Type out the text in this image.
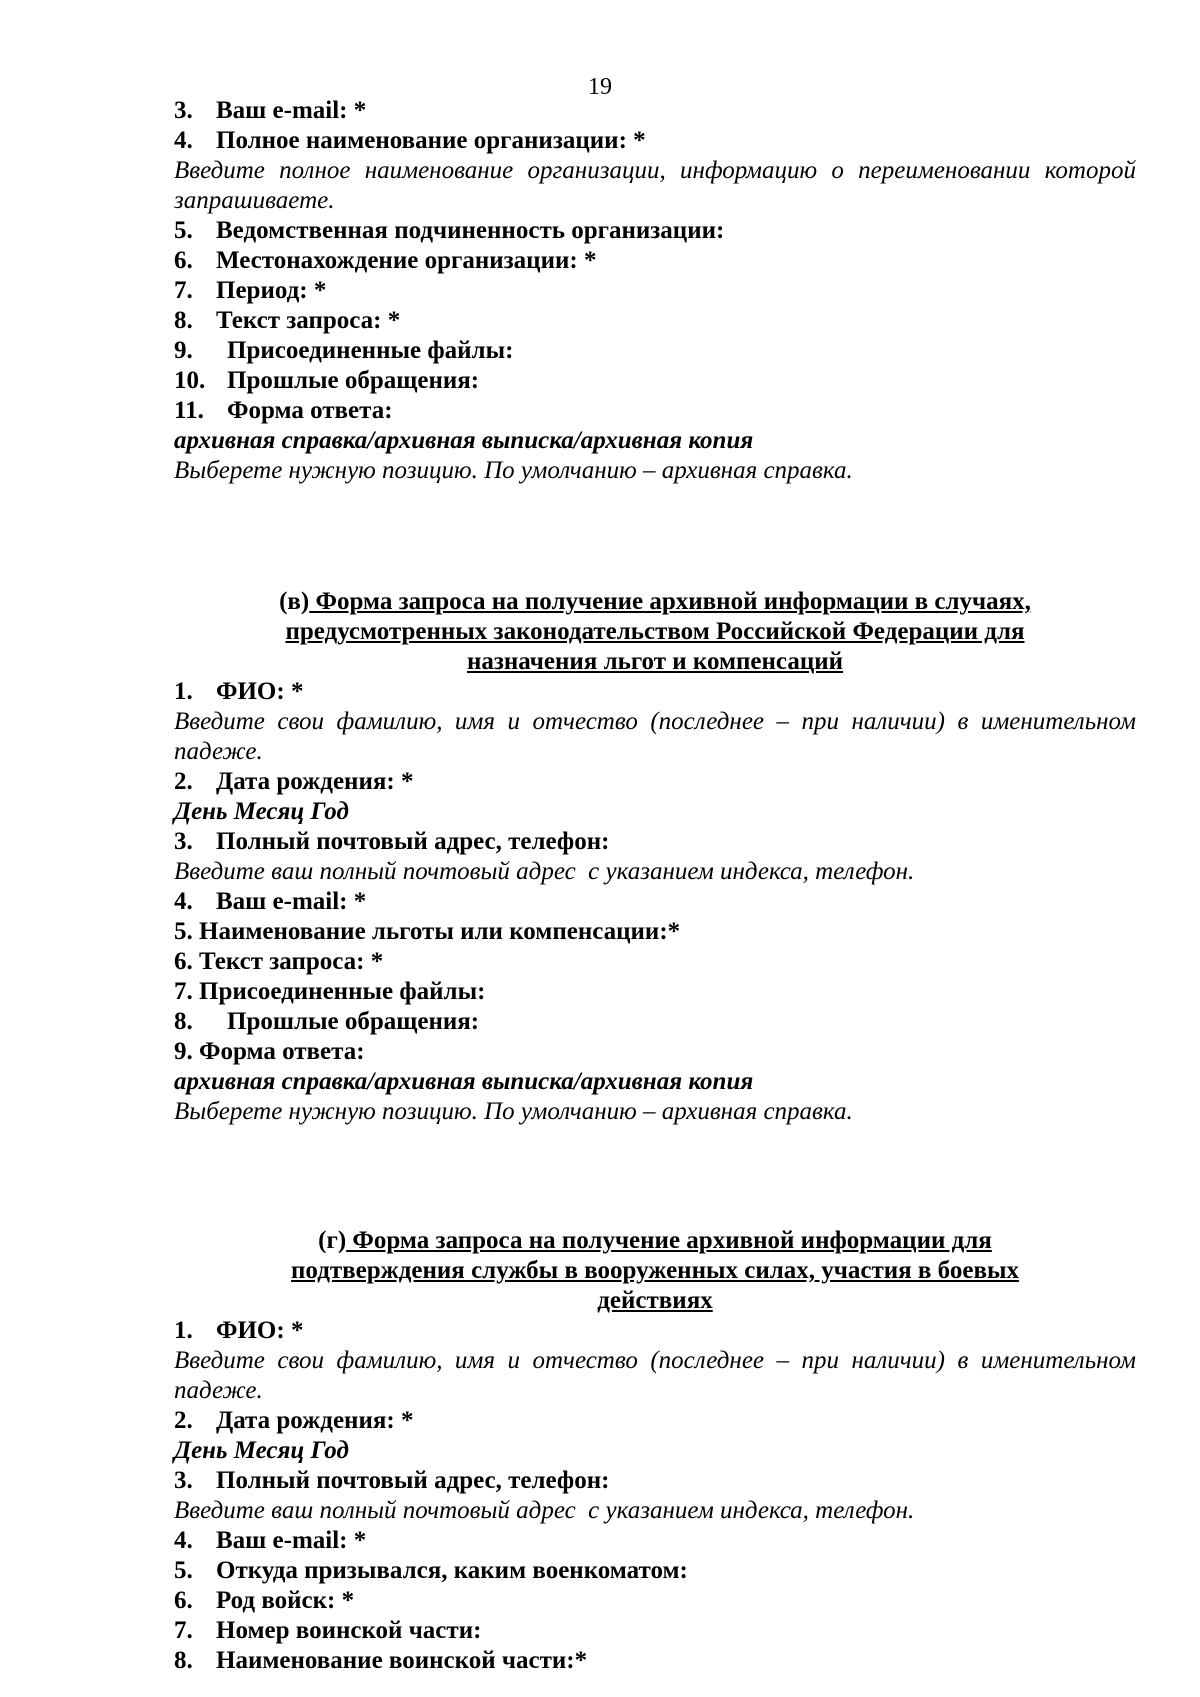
19
3. Ваш e-mail: *
4. Полное наименование организации: *
Введите полное наименование организации, информацию о переименовании которой запрашиваете.
5. Ведомственная подчиненность организации:
6. Местонахождение организации: *
7. Период: *
8. Текст запроса: *
9. Присоединенные файлы:
10. Прошлые обращения:
11. Форма ответа:
архивная справка/архивная выписка/архивная копия
Выберете нужную позицию. По умолчанию – архивная справка.
(в) Форма запроса на получение архивной информации в случаях,
предусмотренных законодательством Российской Федерации для
назначения льгот и компенсаций
1. ФИО: *
Введите свои фамилию, имя и отчество (последнее – при наличии) в именительном падеже.
2. Дата рождения: *
День Месяц Год
3. Полный почтовый адрес, телефон:
Введите ваш полный почтовый адрес  с указанием индекса, телефон.
4. Ваш e-mail: *
5. Наименование льготы или компенсации:*
6. Текст запроса: *
7. Присоединенные файлы:
8. Прошлые обращения:
9. Форма ответа:
архивная справка/архивная выписка/архивная копия
Выберете нужную позицию. По умолчанию – архивная справка.
(г) Форма запроса на получение архивной информации для
подтверждения службы в вооруженных силах, участия в боевых
действиях
1. ФИО: *
Введите свои фамилию, имя и отчество (последнее – при наличии) в именительном падеже.
2. Дата рождения: *
День Месяц Год
3. Полный почтовый адрес, телефон:
Введите ваш полный почтовый адрес  с указанием индекса, телефон.
4. Ваш e-mail: *
5. Откуда призывался, каким военкоматом:
6. Род войск: *
7. Номер воинской части:
8. Наименование воинской части:*
